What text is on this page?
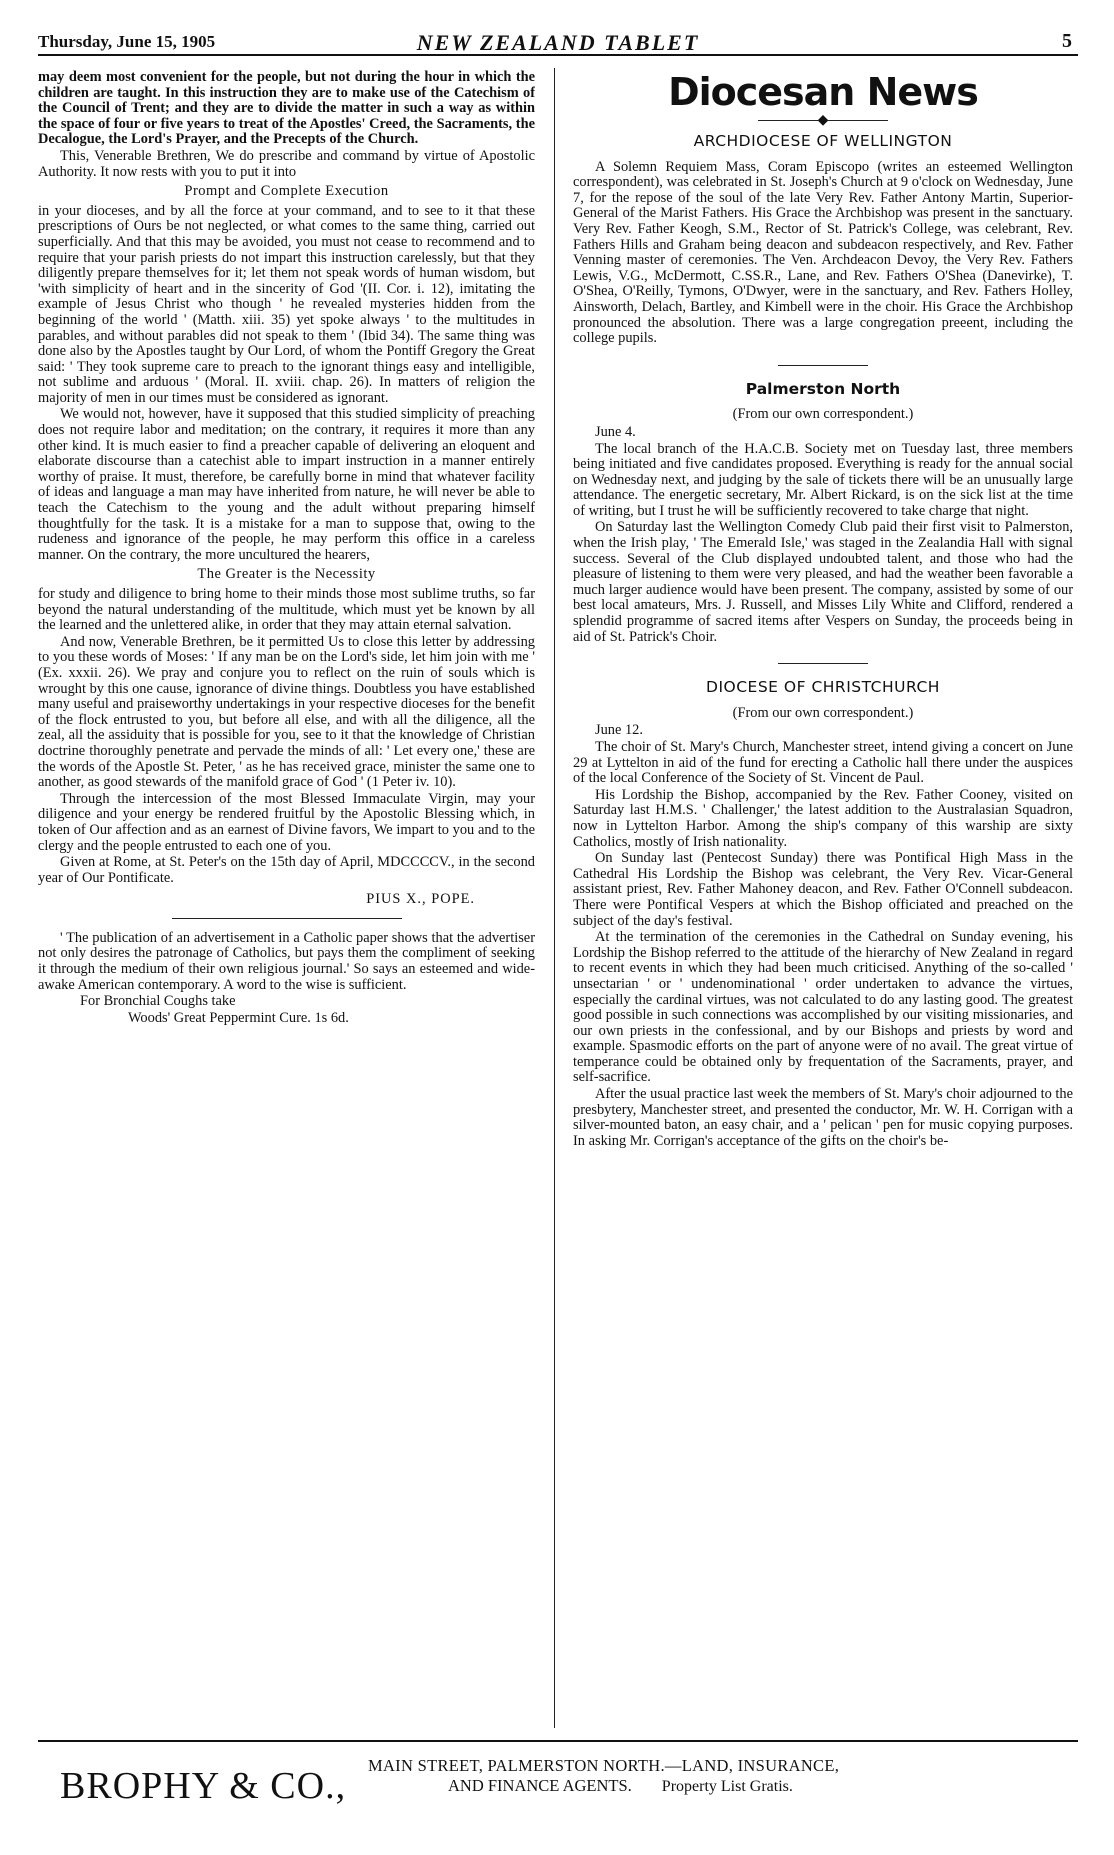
Thursday, June 15, 1905	NEW ZEALAND TABLET	5

may deem most convenient for the people, but not during the hour in which the children are taught. In this instruction they are to make use of the Catechism of the Council of Trent; and they are to divide the matter in such a way as within the space of four or five years to treat of the Apostles' Creed, the Sacraments, the Decalogue, the Lord's Prayer, and the Precepts of the Church.

This, Venerable Brethren, We do prescribe and command by virtue of Apostolic Authority. It now rests with you to put it into

Prompt and Complete Execution

in your dioceses, and by all the force at your command, and to see to it that these prescriptions of Ours be not neglected, or what comes to the same thing, carried out superficially. And that this may be avoided, you must not cease to recommend and to require that your parish priests do not impart this instruction carelessly, but that they diligently prepare themselves for it; let them not speak words of human wisdom, but 'with simplicity of heart and in the sincerity of God '(II. Cor. i. 12), imitating the example of Jesus Christ who though ' he revealed mysteries hidden from the beginning of the world ' (Matth. xiii. 35) yet spoke always ' to the multitudes in parables, and without parables did not speak to them ' (Ibid 34). The same thing was done also by the Apostles taught by Our Lord, of whom the Pontiff Gregory the Great said: ' They took supreme care to preach to the ignorant things easy and intelligible, not sublime and arduous ' (Moral. II. xviii. chap. 26). In matters of religion the majority of men in our times must be considered as ignorant.

We would not, however, have it supposed that this studied simplicity of preaching does not require labor and meditation; on the contrary, it requires it more than any other kind. It is much easier to find a preacher capable of delivering an eloquent and elaborate discourse than a catechist able to impart instruction in a manner entirely worthy of praise. It must, therefore, be carefully borne in mind that whatever facility of ideas and language a man may have inherited from nature, he will never be able to teach the Catechism to the young and the adult without preparing himself thoughtfully for the task. It is a mistake for a man to suppose that, owing to the rudeness and ignorance of the people, he may perform this office in a careless manner. On the contrary, the more uncultured the hearers,

The Greater is the Necessity

for study and diligence to bring home to their minds those most sublime truths, so far beyond the natural understanding of the multitude, which must yet be known by all the learned and the unlettered alike, in order that they may attain eternal salvation.

And now, Venerable Brethren, be it permitted Us to close this letter by addressing to you these words of Moses: ' If any man be on the Lord's side, let him join with me ' (Ex. xxxii. 26). We pray and conjure you to reflect on the ruin of souls which is wrought by this one cause, ignorance of divine things. Doubtless you have established many useful and praiseworthy undertakings in your respective dioceses for the benefit of the flock entrusted to you, but before all else, and with all the diligence, all the zeal, all the assiduity that is possible for you, see to it that the knowledge of Christian doctrine thoroughly penetrate and pervade the minds of all: ' Let every one,' these are the words of the Apostle St. Peter, ' as he has received grace, minister the same one to another, as good stewards of the manifold grace of God ' (1 Peter iv. 10).

Through the intercession of the most Blessed Immaculate Virgin, may your diligence and your energy be rendered fruitful by the Apostolic Blessing which, in token of Our affection and as an earnest of Divine favors, We impart to you and to the clergy and the people entrusted to each one of you.

Given at Rome, at St. Peter's on the 15th day of April, MDCCCCV., in the second year of Our Pontificate.

PIUS X., POPE.

' The publication of an advertisement in a Catholic paper shows that the advertiser not only desires the patronage of Catholics, but pays them the compliment of seeking it through the medium of their own religious journal.' So says an esteemed and wide-awake American contemporary. A word to the wise is sufficient.

For Bronchial Coughs take

Woods' Great Peppermint Cure. 1s 6d.

Diocesan News
◆
ARCHDIOCESE OF WELLINGTON

A Solemn Requiem Mass, Coram Episcopo (writes an esteemed Wellington correspondent), was celebrated in St. Joseph's Church at 9 o'clock on Wednesday, June 7, for the repose of the soul of the late Very Rev. Father Antony Martin, Superior-General of the Marist Fathers. His Grace the Archbishop was present in the sanctuary. Very Rev. Father Keogh, S.M., Rector of St. Patrick's College, was celebrant, Rev. Fathers Hills and Graham being deacon and subdeacon respectively, and Rev. Father Venning master of ceremonies. The Ven. Archdeacon Devoy, the Very Rev. Fathers Lewis, V.G., McDermott, C.SS.R., Lane, and Rev. Fathers O'Shea (Danevirke), T. O'Shea, O'Reilly, Tymons, O'Dwyer, were in the sanctuary, and Rev. Fathers Holley, Ainsworth, Delach, Bartley, and Kimbell were in the choir. His Grace the Archbishop pronounced the absolution. There was a large congregation preeent, including the college pupils.

Palmerston North
(From our own correspondent.)

June 4.

The local branch of the H.A.C.B. Society met on Tuesday last, three members being initiated and five candidates proposed. Everything is ready for the annual social on Wednesday next, and judging by the sale of tickets there will be an unusually large attendance. The energetic secretary, Mr. Albert Rickard, is on the sick list at the time of writing, but I trust he will be sufficiently recovered to take charge that night.

On Saturday last the Wellington Comedy Club paid their first visit to Palmerston, when the Irish play, ' The Emerald Isle,' was staged in the Zealandia Hall with signal success. Several of the Club displayed undoubted talent, and those who had the pleasure of listening to them were very pleased, and had the weather been favorable a much larger audience would have been present. The company, assisted by some of our best local amateurs, Mrs. J. Russell, and Misses Lily White and Clifford, rendered a splendid programme of sacred items after Vespers on Sunday, the proceeds being in aid of St. Patrick's Choir.

DIOCESE OF CHRISTCHURCH
(From our own correspondent.)

June 12.

The choir of St. Mary's Church, Manchester street, intend giving a concert on June 29 at Lyttelton in aid of the fund for erecting a Catholic hall there under the auspices of the local Conference of the Society of St. Vincent de Paul.

His Lordship the Bishop, accompanied by the Rev. Father Cooney, visited on Saturday last H.M.S. ' Challenger,' the latest addition to the Australasian Squadron, now in Lyttelton Harbor. Among the ship's company of this warship are sixty Catholics, mostly of Irish nationality.

On Sunday last (Pentecost Sunday) there was Pontifical High Mass in the Cathedral His Lordship the Bishop was celebrant, the Very Rev. Vicar-General assistant priest, Rev. Father Mahoney deacon, and Rev. Father O'Connell subdeacon. There were Pontifical Vespers at which the Bishop officiated and preached on the subject of the day's festival.

At the termination of the ceremonies in the Cathedral on Sunday evening, his Lordship the Bishop referred to the attitude of the hierarchy of New Zealand in regard to recent events in which they had been much criticised. Anything of the so-called ' unsectarian ' or ' undenominational ' order undertaken to advance the virtues, especially the cardinal virtues, was not calculated to do any lasting good. The greatest good possible in such connections was accomplished by our visiting missionaries, and our own priests in the confessional, and by our Bishops and priests by word and example. Spasmodic efforts on the part of anyone were of no avail. The great virtue of temperance could be obtained only by frequentation of the Sacraments, prayer, and self-sacrifice.

After the usual practice last week the members of St. Mary's choir adjourned to the presbytery, Manchester street, and presented the conductor, Mr. W. H. Corrigan with a silver-mounted baton, an easy chair, and a ' pelican ' pen for music copying purposes. In asking Mr. Corrigan's acceptance of the gifts on the choir's be-

BROPHY & CO., MAIN STREET, PALMERSTON NORTH.—LAND, INSURANCE,
AND FINANCE AGENTS. Property List Gratis.
